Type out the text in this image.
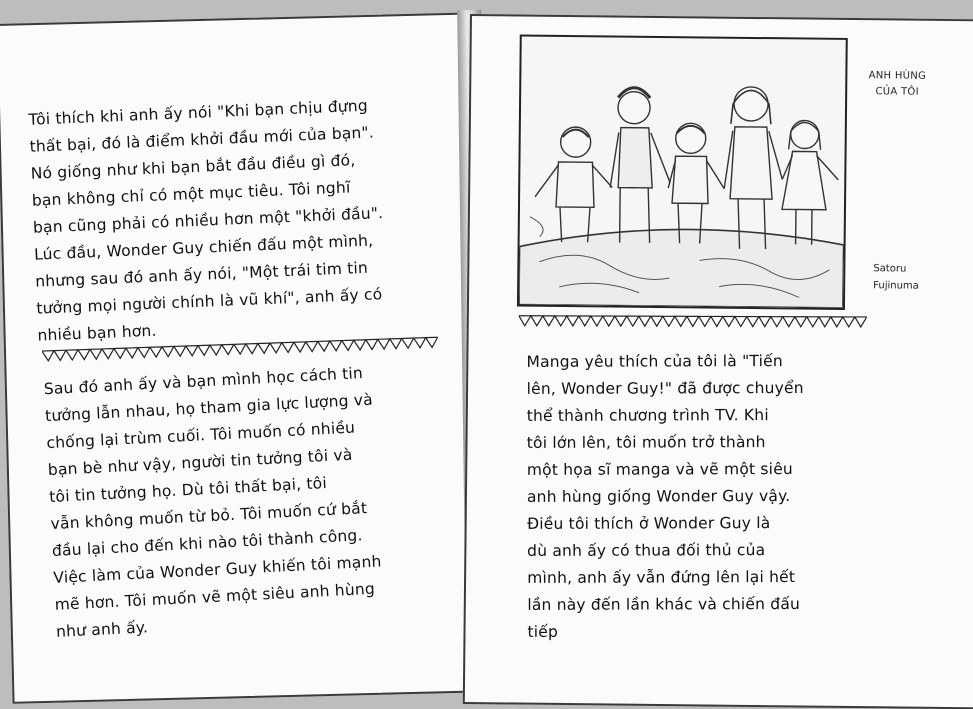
Tôi thích khi anh ấy nói "Khi bạn chịu đựng
thất bại, đó là điểm khởi đầu mới của bạn".
Nó giống như khi bạn bắt đầu điều gì đó,
bạn không chỉ có một mục tiêu. Tôi nghĩ
bạn cũng phải có nhiều hơn một "khởi đầu".
Lúc đầu, Wonder Guy chiến đấu một mình,
nhưng sau đó anh ấy nói, "Một trái tim tin
tưởng mọi người chính là vũ khí", anh ấy có
nhiều bạn hơn.

Sau đó anh ấy và bạn mình học cách tin
tưởng lẫn nhau, họ tham gia lực lượng và
chống lại trùm cuối. Tôi muốn có nhiều
bạn bè như vậy, người tin tưởng tôi và
tôi tin tưởng họ. Dù tôi thất bại, tôi
vẫn không muốn từ bỏ. Tôi muốn cứ bắt
đầu lại cho đến khi nào tôi thành công.
Việc làm của Wonder Guy khiến tôi mạnh
mẽ hơn. Tôi muốn vẽ một siêu anh hùng
như anh ấy.

ANH HÙNG
CỦA TÔI
Satoru
Fujinuma

Manga yêu thích của tôi là "Tiến
lên, Wonder Guy!" đã được chuyển
thể thành chương trình TV. Khi
tôi lớn lên, tôi muốn trở thành
một họa sĩ manga và vẽ một siêu
anh hùng giống Wonder Guy vậy.
Điều tôi thích ở Wonder Guy là
dù anh ấy có thua đối thủ của
mình, anh ấy vẫn đứng lên lại hết
lần này đến lần khác và chiến đấu
tiếp
